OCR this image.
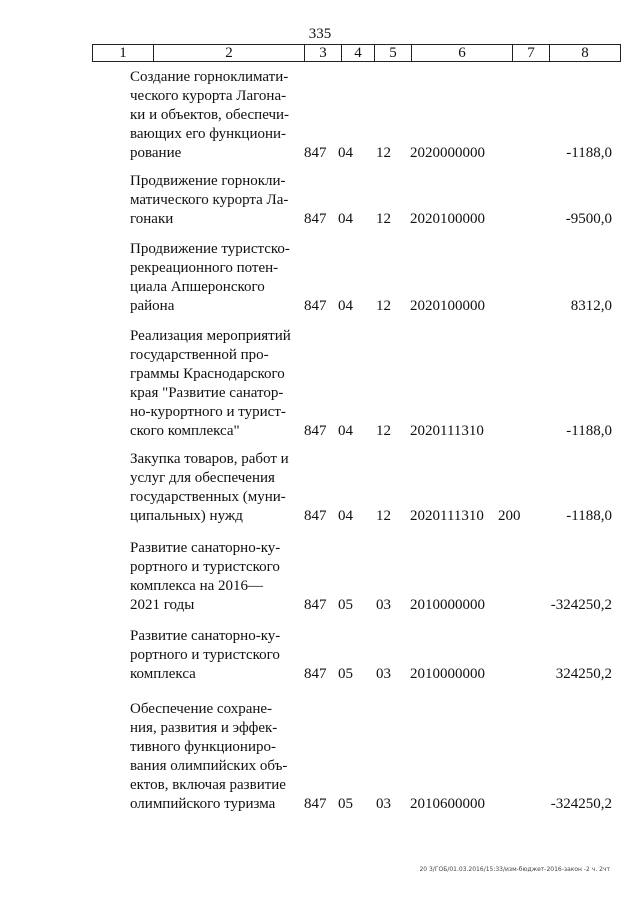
335
1	2	3	4	5	6	7	8
Создание горноклимати-
ческого курорта Лагона-
ки и объектов, обеспечи-
вающих его функциони-
рование	847 04 12 2020000000	-1188,0
Продвижение горнокли-
матического курорта Ла-
гонаки	847 04 12 2020100000	-9500,0
Продвижение туристско-
рекреационного потен-
циала Апшеронского
района	847 04 12 2020100000	8312,0
Реализация мероприятий
государственной про-
граммы Краснодарского
края "Развитие санатор-
но-курортного и турист-
ского комплекса"	847 04 12 2020111310	-1188,0
Закупка товаров, работ и
услуг для обеспечения
государственных (муни-
ципальных) нужд	847 04 12 2020111310 200	-1188,0
Развитие санаторно-ку-
рортного и туристского
комплекса на 2016—
2021 годы	847 05 03 2010000000	-324250,2
Развитие санаторно-ку-
рортного и туристского
комплекса	847 05 03 2010000000	324250,2
Обеспечение сохране-
ния, развития и эффек-
тивного функциониро-
вания олимпийских объ-
ектов, включая развитие
олимпийского туризма	847 05 03 2010600000	-324250,2
20 3/ГОБ/01.03.2016/15:33/изм-бюджет-2016-закон -2 ч. 2чт
